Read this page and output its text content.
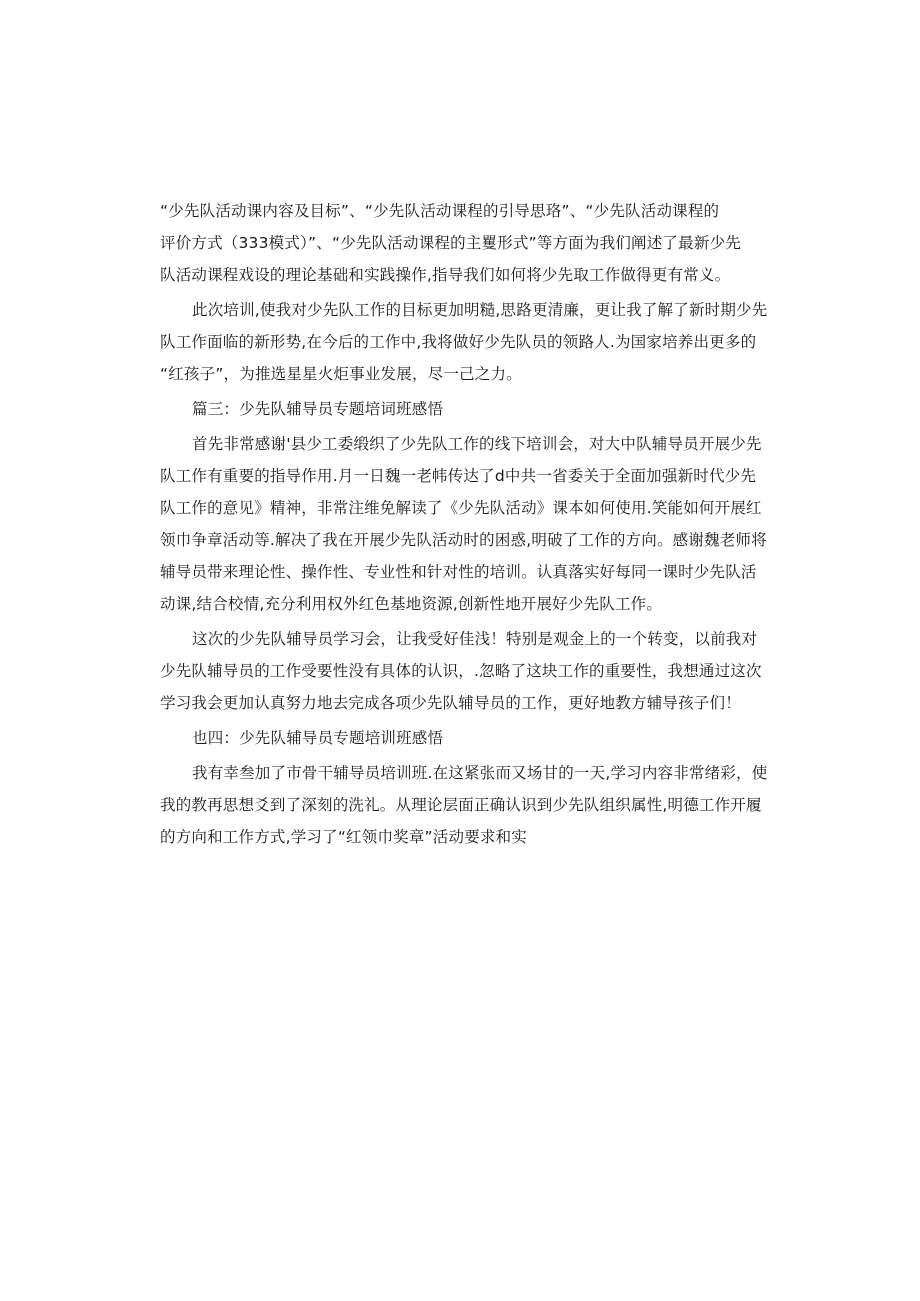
“少先队活动课内容及目标”、“少先队活动课程的引导思珞”、“少先队活动课程的
评价方式（333模式）”、“少先队活动课程的主矍形式”等方面为我们阐述了最新少先
队活动课程戏设的理论基础和实践操作,指导我们如何将少先取工作做得更有常义。
此次培训,使我对少先队工作的目标更加明糙,思路更清廉，更让我了解了新时期少先
队工作面临的新形势,在今后的工作中,我将做好少先队员的领路人.为国家培养出更多的
“红孩子”，为推选星星火炬事业发展，尽一己之力。
篇三：少先队辅导员专题培词班感悟
首先非常感谢'县少工委缎织了少先队工作的线下培训会，对大中队辅导员开展少先
队工作有重要的指导作用.月一日魏一老帏传达了d中共一省委关于全面加强新时代少先
队工作的意见》精神，非常注维免解读了《少先队活动》课本如何使用.笑能如何开展红
领巾争章活动等.解决了我在开展少先队活动时的困惑,明破了工作的方向。感谢魏老师将
辅导员带来理论性、操作性、专业性和针对性的培训。认真落实好每同一课时少先队活
动课,结合校情,充分利用权外红色基地资源,创新性地开展好少先队工作。
这次的少先队辅导员学习会，让我受好佳浅！特别是观金上的一个转变，以前我对
少先队辅导员的工作受要性没有具体的认识，.忽略了这块工作的重要性，我想通过这次
学习我会更加认真努力地去完成各项少先队辅导员的工作，更好地教方辅导孩子们！
也四：少先队辅导员专题培训班感悟
我有幸叁加了市骨干辅导员培训班.在这紧张而又场甘的一天,学习内容非常绪彩，使
我的教再思想爻到了深刻的洗礼。从理论层面正确认识到少先队组织属性,明德工作开履
的方向和工作方式,学习了“红领巾奖章”活动要求和实
